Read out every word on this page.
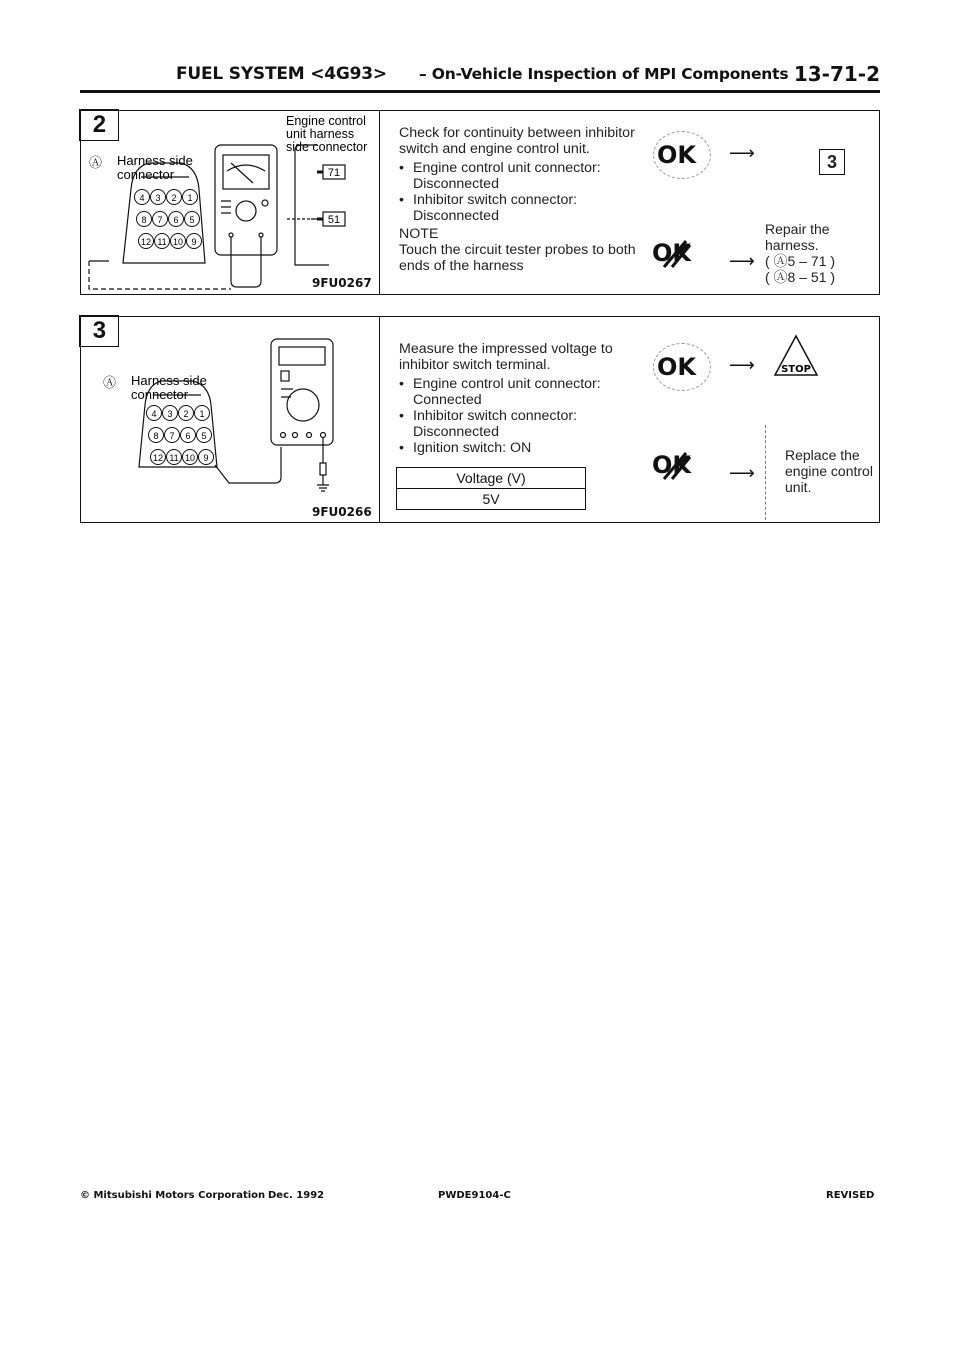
FUEL SYSTEM <4G93> – On-Vehicle Inspection of MPI Components 13-71-2
2
4 3 2 1
8 7 6 5
12 11 10 9
71
51
Ⓐ Harness side
connector
Engine control
unit harness
side connector
9FU0267

Check for continuity between inhibitor

switch and engine control unit.

• Engine control unit connector:

Disconnected

• Inhibitor switch connector:

Disconnected

NOTE

Touch the circuit tester probes to both

ends of the harness

OK ⟶	3
OK ⟶
Repair the
harness.
( Ⓐ5 – 71 )
( Ⓐ8 – 51 )
3
4 3 2 1
8 7 6 5
12 11 10 9
Ⓐ Harness side
connector
9FU0266

Measure the impressed voltage to

inhibitor switch terminal.

• Engine control unit connector:

Connected

• Inhibitor switch connector:

Disconnected

• Ignition switch: ON

Voltage (V)
5V
OK ⟶	STOP
OK ⟶
Replace the
engine control
unit.
© Mitsubishi Motors Corporation Dec. 1992	PWDE9104-C	REVISED
